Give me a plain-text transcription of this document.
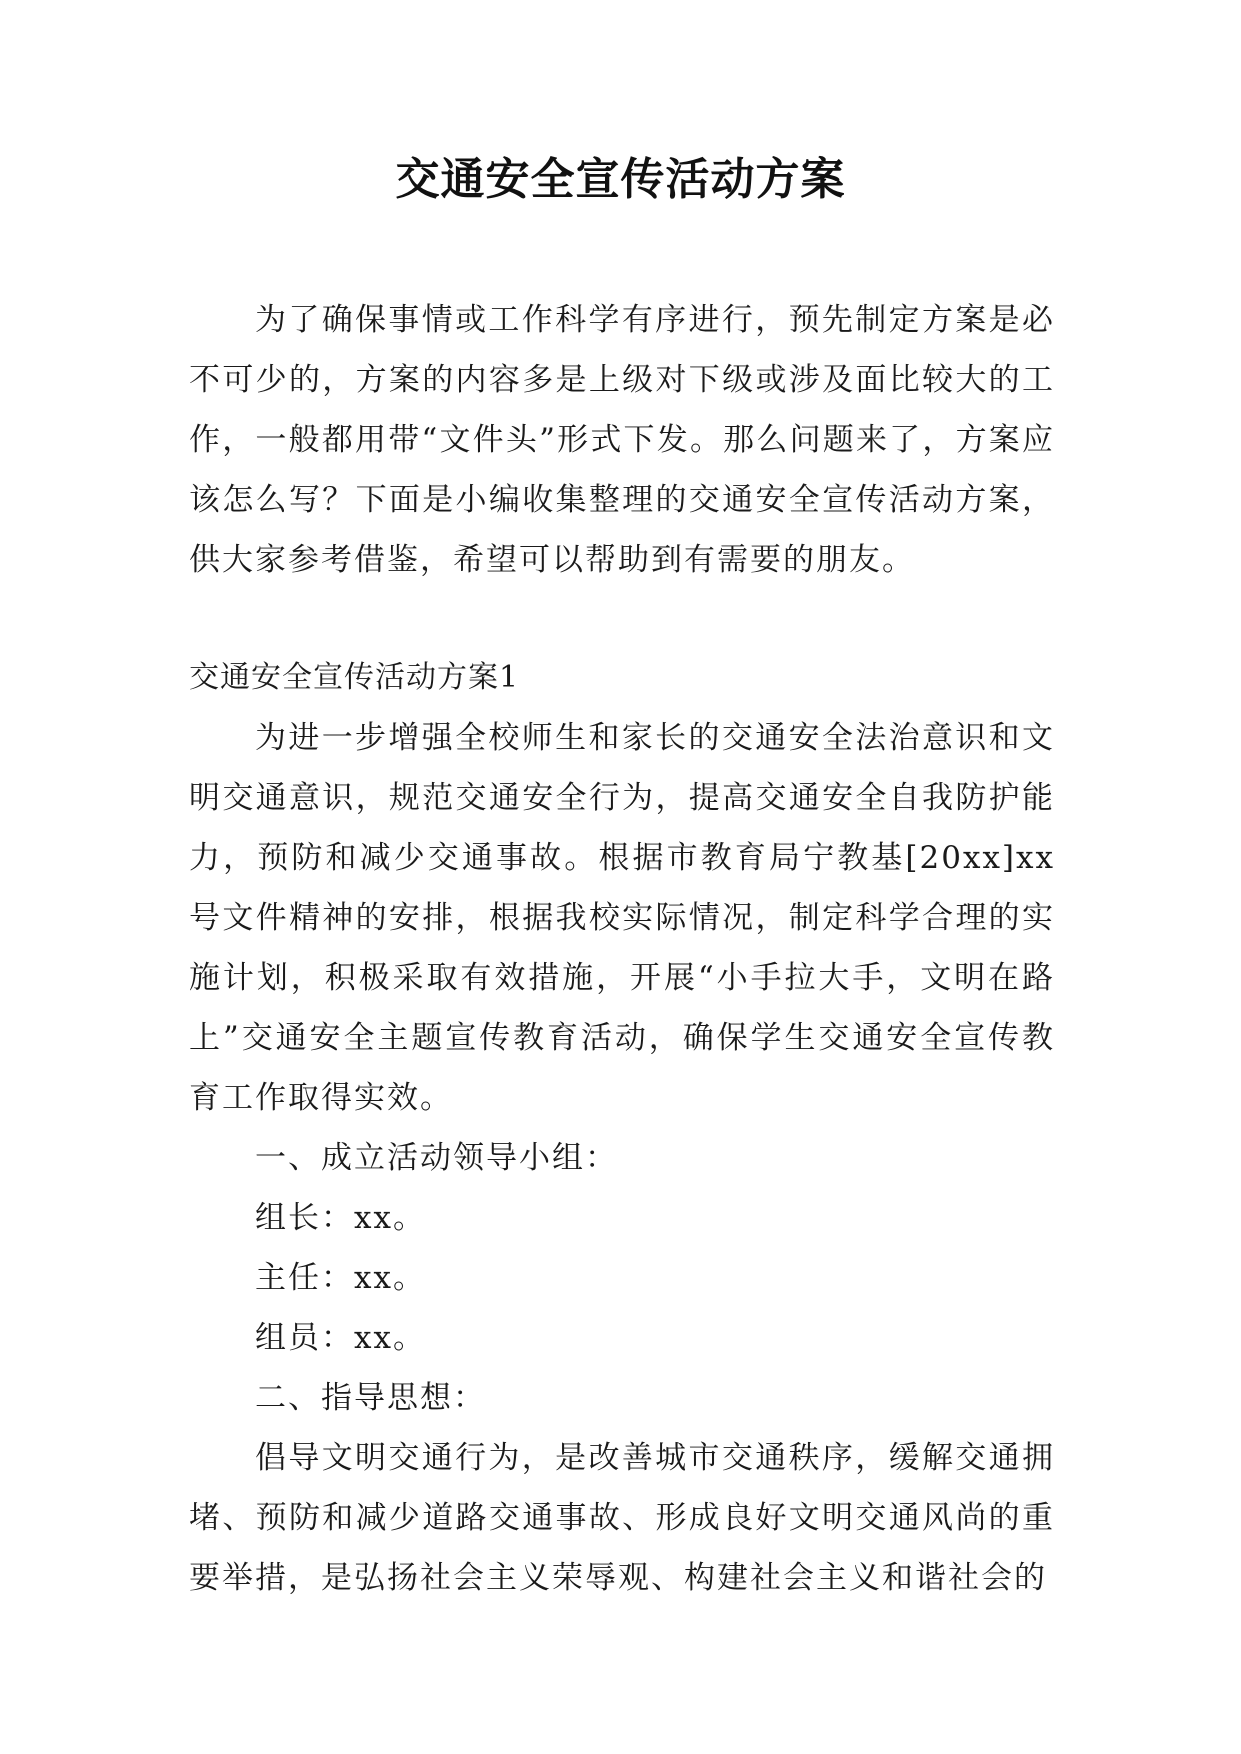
交通安全宣传活动方案

为了确保事情或工作科学有序进行，预先制定方案是必不可少的，方案的内容多是上级对下级或涉及面比较大的工作，一般都用带“文件头”形式下发。那么问题来了，方案应该怎么写？下面是小编收集整理的交通安全宣传活动方案，供大家参考借鉴，希望可以帮助到有需要的朋友。

交通安全宣传活动方案1

为进一步增强全校师生和家长的交通安全法治意识和文明交通意识，规范交通安全行为，提高交通安全自我防护能力，预防和减少交通事故。根据市教育局宁教基[20xx]xx号文件精神的安排，根据我校实际情况，制定科学合理的实施计划，积极采取有效措施，开展“小手拉大手，文明在路上”交通安全主题宣传教育活动，确保学生交通安全宣传教育工作取得实效。

一、成立活动领导小组：

组长：xx。

主任：xx。

组员：xx。

二、指导思想：

倡导文明交通行为，是改善城市交通秩序，缓解交通拥堵、预防和减少道路交通事故、形成良好文明交通风尚的重要举措，是弘扬社会主义荣辱观、构建社会主义和谐社会的
